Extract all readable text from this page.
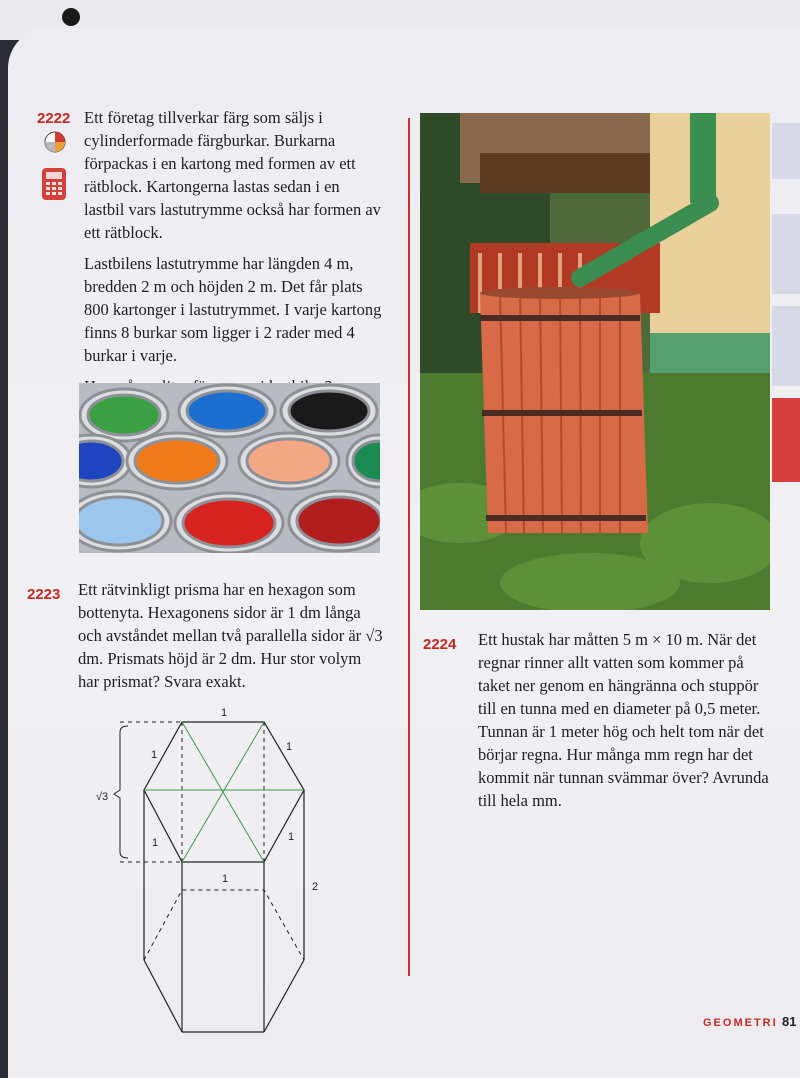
2222 Ett företag tillverkar färg som säljs i cylinderformade färgburkar. Burkarna förpackas i en kartong med formen av ett rätblock. Kartongerna lastas sedan i en lastbil vars lastutrymme också har formen av ett rätblock.

Lastbilens lastutrymme har längden 4 m, bredden 2 m och höjden 2 m. Det får plats 800 kartonger i lastutrymmet. I varje kartong finns 8 burkar som ligger i 2 rader med 4 burkar i varje.

2223 Ett rätvinkligt prisma har en hexagon som bottenyta. Hexagonens sidor är 1 dm långa och avståndet mellan två parallella sidor är √3 dm. Prismats höjd är 2 dm. Hur stor volym har prismat? Svara exakt.

1
1
1
√3
1	1
1
2
2224 Ett hustak har måtten 5 m × 10 m. När det regnar rinner allt vatten som kommer på taket ner genom en hängränna och stupрör till en tunna med en diameter på 0,5 meter. Tunnan är 1 meter hög och helt tom när det börjar regna. Hur många mm regn har det kommit när tunnan svämmar över? Avrunda till hela mm.

GEOMETRI 81
